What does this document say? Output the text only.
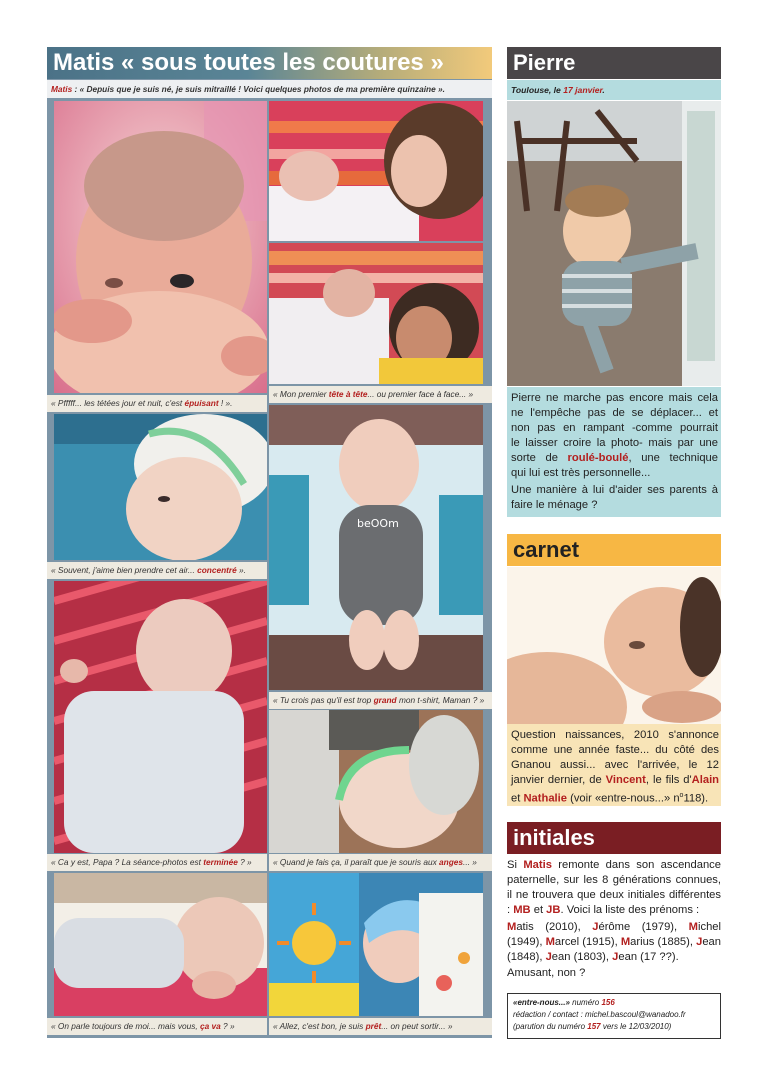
Matis « sous toutes les coutures »
Matis : « Depuis que je suis né, je suis mitraillé ! Voici quelques photos de ma première quinzaine ».
« Pfffff... les tétées jour et nuit, c'est épuisant ! ».
« Mon premier tête à tête... ou premier face à face... »
beOOm
« Souvent, j'aime bien prendre cet air... concentré ».
« Tu crois pas qu'il est trop grand mon t-shirt, Maman ? »
« Ca y est, Papa ? La séance-photos est terminée ? »	« Quand je fais ça, il paraît que je souris aux anges... »
« On parle toujours de moi... mais vous, ça va ? »	« Allez, c'est bon, je suis prêt... on peut sortir... »
Pierre
Toulouse, le 17 janvier.
Pierre ne marche pas encore mais cela
ne l'empêche pas de se déplacer... et
non pas en rampant -comme pourrait
le laisser croire la photo- mais par une
sorte de roulé-boulé, une technique
qui lui est très personnelle...
Une manière à lui d'aider ses parents à
faire le ménage ?
carnet
Question naissances, 2010 s'annonce comme une année faste... du côté des Gnanou aussi... avec l'arrivée, le 12 janvier dernier, de Vincent, le fils d'Alain et Nathalie (voir «entre-nous...» $n^o118$).
initiales
Si Matis remonte dans son ascendance paternelle, sur les 8 générations connues, il ne trouvera que deux initiales différentes : MB et JB. Voici la liste des prénoms :
Matis (2010), Jérôme (1979), Michel (1949), Marcel (1915), Marius (1885), Jean (1848), Jean (1803), Jean (17 ??).
Amusant, non ?
«entre-nous...» numéro 156
rédaction / contact : michel.bascoul@wanadoo.fr
(parution du numéro 157 vers le 12/03/2010)
